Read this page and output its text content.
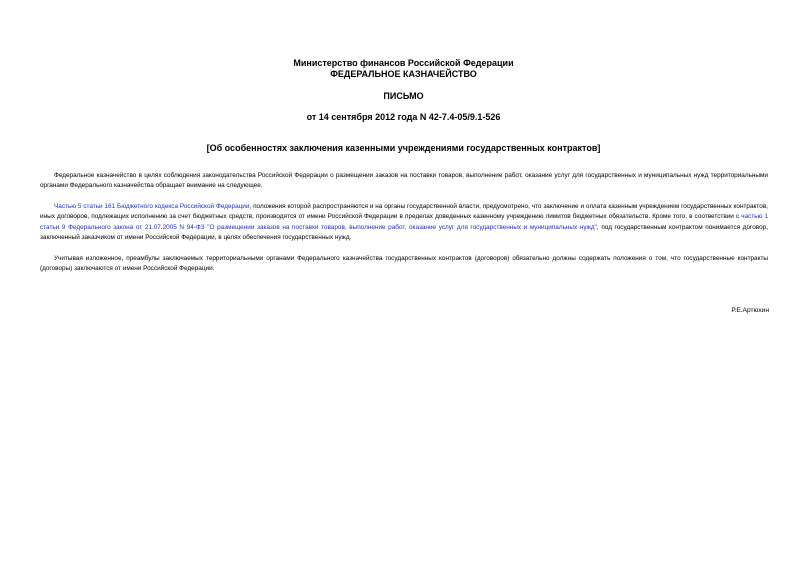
Министерство финансов Российской Федерации
ФЕДЕРАЛЬНОЕ КАЗНАЧЕЙСТВО
ПИСЬМО
от 14 сентября 2012 года N 42-7.4-05/9.1-526
[Об особенностях заключения казенными учреждениями государственных контрактов]
Федеральное казначейство в целях соблюдения законодательства Российской Федерации о размещении заказов на поставки товаров, выполнение работ, оказание услуг для государственных и муниципальных нужд территориальными органами Федерального казначейства обращает внимание на следующее.
Частью 5 статьи 161 Бюджетного кодекса Российской Федерации, положения которой распространяются и на органы государственной власти, предусмотрено, что заключение и оплата казенным учреждением государственных контрактов, иных договоров, подлежащих исполнению за счет бюджетных средств, производятся от имени Российской Федерации в пределах доведенных казенному учреждению лимитов бюджетных обязательств. Кроме того, в соответствии с частью 1 статьи 9 Федерального закона от 21.07.2005 N 94-ФЗ "О размещении заказов на поставки товаров, выполнение работ, оказание услуг для государственных и муниципальных нужд", под государственным контрактом понимается договор, заключенный заказчиком от имени Российской Федерации, в целях обеспечения государственных нужд.
Учитывая изложенное, преамбулы заключаемых территориальными органами Федерального казначейства государственных контрактов (договоров) обязательно должны содержать положения о том, что государственные контракты (договоры) заключаются от имени Российской Федерации.
Р.Е.Артюхин
